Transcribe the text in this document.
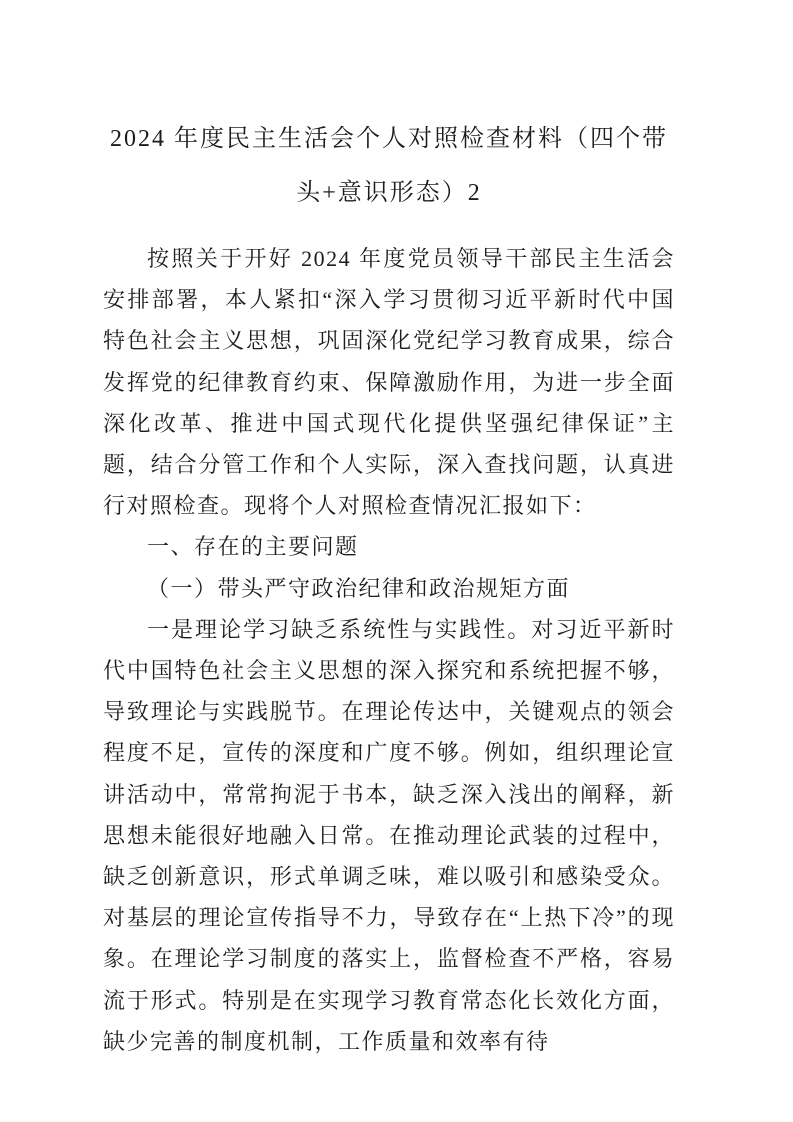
2024 年度民主生活会个人对照检查材料（四个带头+意识形态）2

按照关于开好 2024 年度党员领导干部民主生活会安排部署，本人紧扣“深入学习贯彻习近平新时代中国特色社会主义思想，巩固深化党纪学习教育成果，综合发挥党的纪律教育约束、保障激励作用，为进一步全面深化改革、推进中国式现代化提供坚强纪律保证”主题，结合分管工作和个人实际，深入查找问题，认真进行对照检查。现将个人对照检查情况汇报如下：

一、存在的主要问题

（一）带头严守政治纪律和政治规矩方面

一是理论学习缺乏系统性与实践性。对习近平新时代中国特色社会主义思想的深入探究和系统把握不够，导致理论与实践脱节。在理论传达中，关键观点的领会程度不足，宣传的深度和广度不够。例如，组织理论宣讲活动中，常常拘泥于书本，缺乏深入浅出的阐释，新思想未能很好地融入日常。在推动理论武装的过程中，缺乏创新意识，形式单调乏味，难以吸引和感染受众。对基层的理论宣传指导不力，导致存在“上热下冷”的现象。在理论学习制度的落实上，监督检查不严格，容易流于形式。特别是在实现学习教育常态化长效化方面，缺少完善的制度机制，工作质量和效率有待
